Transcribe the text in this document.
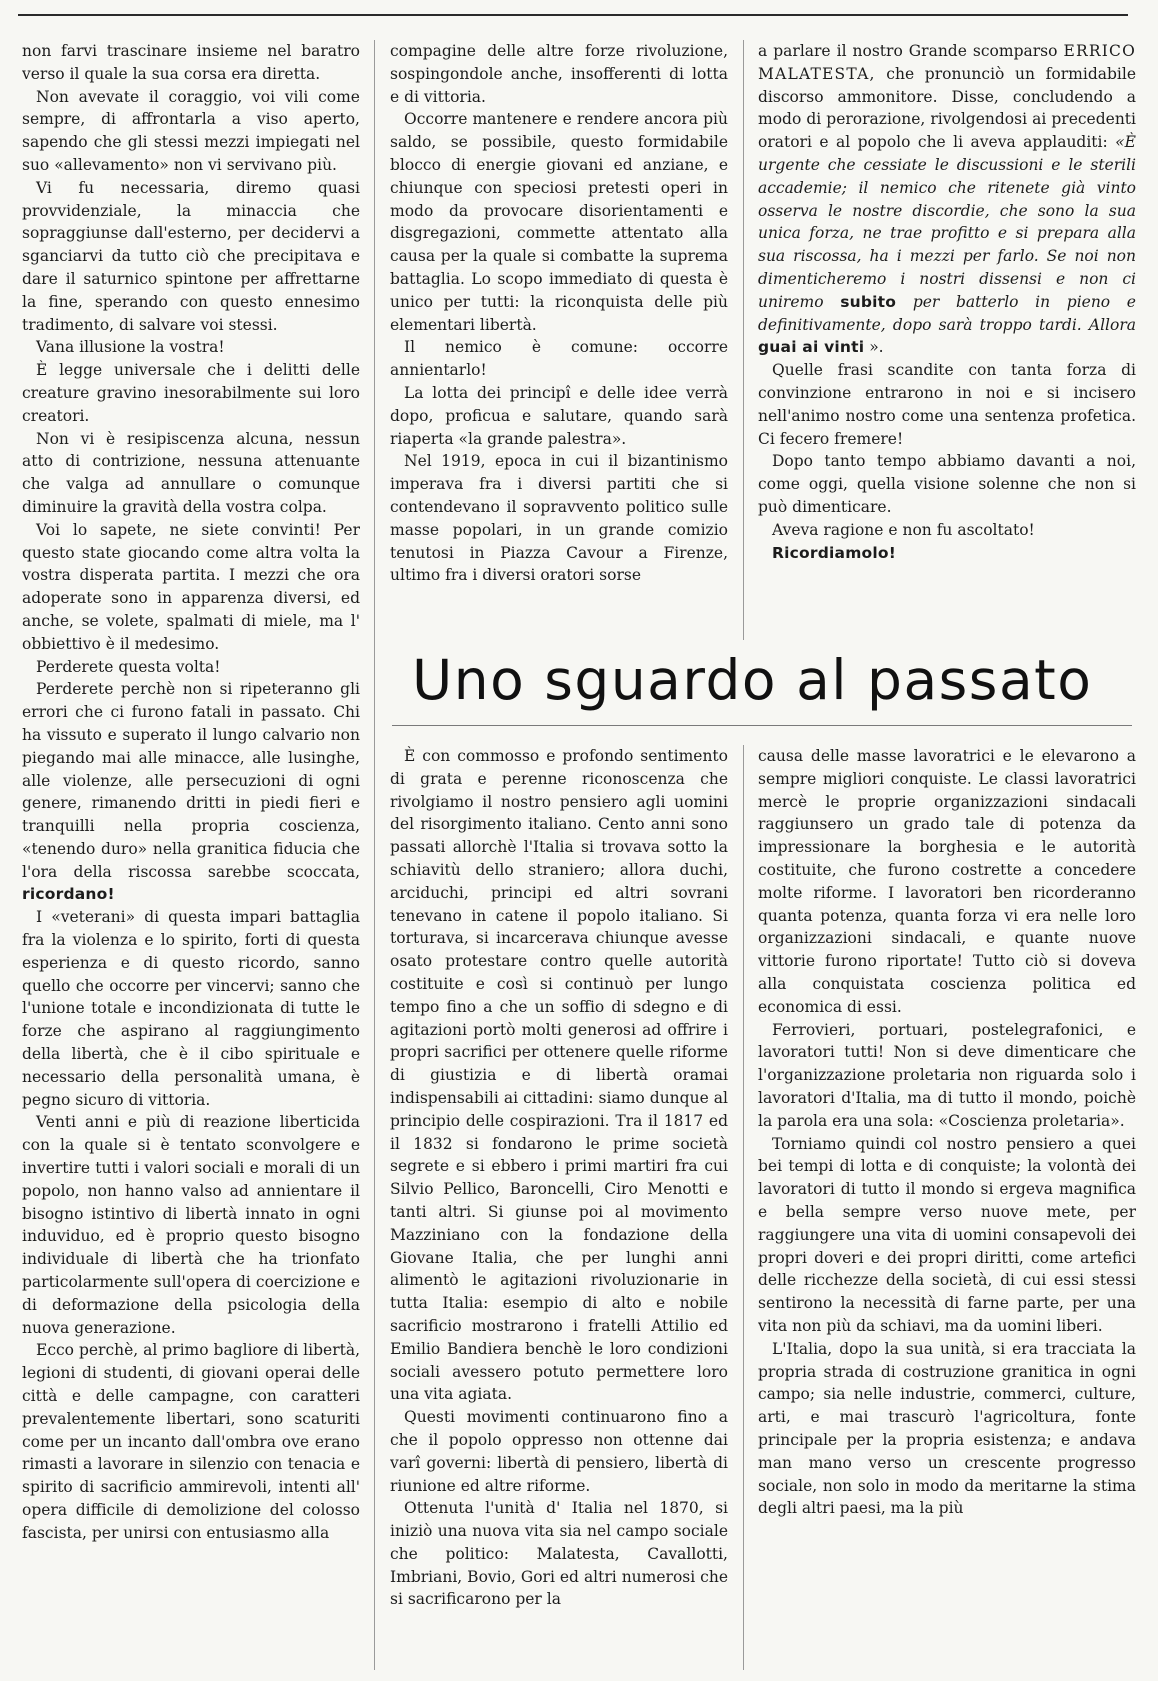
non farvi trascinare insieme nel baratro verso il quale la sua corsa era diretta.

Non avevate il coraggio, voi vili come sempre, di affrontarla a viso aperto, sapendo che gli stessi mezzi impiegati nel suo «allevamento» non vi servivano più.

Vi fu necessaria, diremo quasi provvidenziale, la minaccia che sopraggiunse dall'esterno, per decidervi a sganciarvi da tutto ciò che precipitava e dare il saturnico spintone per affrettarne la fine, sperando con questo ennesimo tradimento, di salvare voi stessi.

Vana illusione la vostra!

È legge universale che i delitti delle creature gravino inesorabilmente sui loro creatori.

Non vi è resipiscenza alcuna, nessun atto di contrizione, nessuna attenuante che valga ad annullare o comunque diminuire la gravità della vostra colpa.

Voi lo sapete, ne siete convinti! Per questo state giocando come altra volta la vostra disperata partita. I mezzi che ora adoperate sono in apparenza diversi, ed anche, se volete, spalmati di miele, ma l' obbiettivo è il medesimo.

Perderete questa volta!

Perderete perchè non si ripeteranno gli errori che ci furono fatali in passato. Chi ha vissuto e superato il lungo calvario non piegando mai alle minacce, alle lusinghe, alle violenze, alle persecuzioni di ogni genere, rimanendo dritti in piedi fieri e tranquilli nella propria coscienza, «tenendo duro» nella granitica fiducia che l'ora della riscossa sarebbe scoccata, ricordano!

I «veterani» di questa impari battaglia fra la violenza e lo spirito, forti di questa esperienza e di questo ricordo, sanno quello che occorre per vincervi; sanno che l'unione totale e incondizionata di tutte le forze che aspirano al raggiungimento della libertà, che è il cibo spirituale e necessario della personalità umana, è pegno sicuro di vittoria.

Venti anni e più di reazione liberticida con la quale si è tentato sconvolgere e invertire tutti i valori sociali e morali di un popolo, non hanno valso ad annientare il bisogno istintivo di libertà innato in ogni induviduo, ed è proprio questo bisogno individuale di libertà che ha trionfato particolarmente sull'opera di coercizione e di deformazione della psicologia della nuova generazione.

Ecco perchè, al primo bagliore di libertà, legioni di studenti, di giovani operai delle città e delle campagne, con caratteri prevalentemente libertari, sono scaturiti come per un incanto dall'ombra ove erano rimasti a lavorare in silenzio con tenacia e spirito di sacrificio ammirevoli, intenti all' opera difficile di demolizione del colosso fascista, per unirsi con entusiasmo alla

compagine delle altre forze rivoluzione, sospingondole anche, insofferenti di lotta e di vittoria.

Occorre mantenere e rendere ancora più saldo, se possibile, questo formidabile blocco di energie giovani ed anziane, e chiunque con speciosi pretesti operi in modo da provocare disorientamenti e disgregazioni, commette attentato alla causa per la quale si combatte la suprema battaglia. Lo scopo immediato di questa è unico per tutti: la riconquista delle più elementari libertà.

Il nemico è comune: occorre annientarlo!

La lotta dei principî e delle idee verrà dopo, proficua e salutare, quando sarà riaperta «la grande palestra».

Nel 1919, epoca in cui il bizantinismo imperava fra i diversi partiti che si contendevano il sopravvento politico sulle masse popolari, in un grande comizio tenutosi in Piazza Cavour a Firenze, ultimo fra i diversi oratori sorse

a parlare il nostro Grande scomparso ERRICO MALATESTA, che pronunciò un formidabile discorso ammonitore. Disse, concludendo a modo di perorazione, rivolgendosi ai precedenti oratori e al popolo che li aveva applauditi: «È urgente che cessiate le discussioni e le sterili accademie; il nemico che ritenete già vinto osserva le nostre discordie, che sono la sua unica forza, ne trae profitto e si prepara alla sua riscossa, ha i mezzi per farlo. Se noi non dimenticheremo i nostri dissensi e non ci uniremo subito per batterlo in pieno e definitivamente, dopo sarà troppo tardi. Allora guai ai vinti ».

Quelle frasi scandite con tanta forza di convinzione entrarono in noi e si incisero nell'animo nostro come una sentenza profetica. Ci fecero fremere!

Dopo tanto tempo abbiamo davanti a noi, come oggi, quella visione solenne che non si può dimenticare.

Aveva ragione e non fu ascoltato!

Ricordiamolo!

Uno sguardo al passato

È con commosso e profondo sentimento di grata e perenne riconoscenza che rivolgiamo il nostro pensiero agli uomini del risorgimento italiano. Cento anni sono passati allorchè l'Italia si trovava sotto la schiavitù dello straniero; allora duchi, arciduchi, principi ed altri sovrani tenevano in catene il popolo italiano. Si torturava, si incarcerava chiunque avesse osato protestare contro quelle autorità costituite e così si continuò per lungo tempo fino a che un soffio di sdegno e di agitazioni portò molti generosi ad offrire i propri sacrifici per ottenere quelle riforme di giustizia e di libertà oramai indispensabili ai cittadini: siamo dunque al principio delle cospirazioni. Tra il 1817 ed il 1832 si fondarono le prime società segrete e si ebbero i primi martiri fra cui Silvio Pellico, Baroncelli, Ciro Menotti e tanti altri. Si giunse poi al movimento Mazziniano con la fondazione della Giovane Italia, che per lunghi anni alimentò le agitazioni rivoluzionarie in tutta Italia: esempio di alto e nobile sacrificio mostrarono i fratelli Attilio ed Emilio Bandiera benchè le loro condizioni sociali avessero potuto permettere loro una vita agiata.

Questi movimenti continuarono fino a che il popolo oppresso non ottenne dai varî governi: libertà di pensiero, libertà di riunione ed altre riforme.

Ottenuta l'unità d' Italia nel 1870, si iniziò una nuova vita sia nel campo sociale che politico: Malatesta, Cavallotti, Imbriani, Bovio, Gori ed altri numerosi che si sacrificarono per la

causa delle masse lavoratrici e le elevarono a sempre migliori conquiste. Le classi lavoratrici mercè le proprie organizzazioni sindacali raggiunsero un grado tale di potenza da impressionare la borghesia e le autorità costituite, che furono costrette a concedere molte riforme. I lavoratori ben ricorderanno quanta potenza, quanta forza vi era nelle loro organizzazioni sindacali, e quante nuove vittorie furono riportate! Tutto ciò si doveva alla conquistata coscienza politica ed economica di essi.

Ferrovieri, portuari, postelegrafonici, e lavoratori tutti! Non si deve dimenticare che l'organizzazione proletaria non riguarda solo i lavoratori d'Italia, ma di tutto il mondo, poichè la parola era una sola: «Coscienza proletaria».

Torniamo quindi col nostro pensiero a quei bei tempi di lotta e di conquiste; la volontà dei lavoratori di tutto il mondo si ergeva magnifica e bella sempre verso nuove mete, per raggiungere una vita di uomini consapevoli dei propri doveri e dei propri diritti, come artefici delle ricchezze della società, di cui essi stessi sentirono la necessità di farne parte, per una vita non più da schiavi, ma da uomini liberi.

L'Italia, dopo la sua unità, si era tracciata la propria strada di costruzione granitica in ogni campo; sia nelle industrie, commerci, culture, arti, e mai trascurò l'agricoltura, fonte principale per la propria esistenza; e andava man mano verso un crescente progresso sociale, non solo in modo da meritarne la stima degli altri paesi, ma la più
